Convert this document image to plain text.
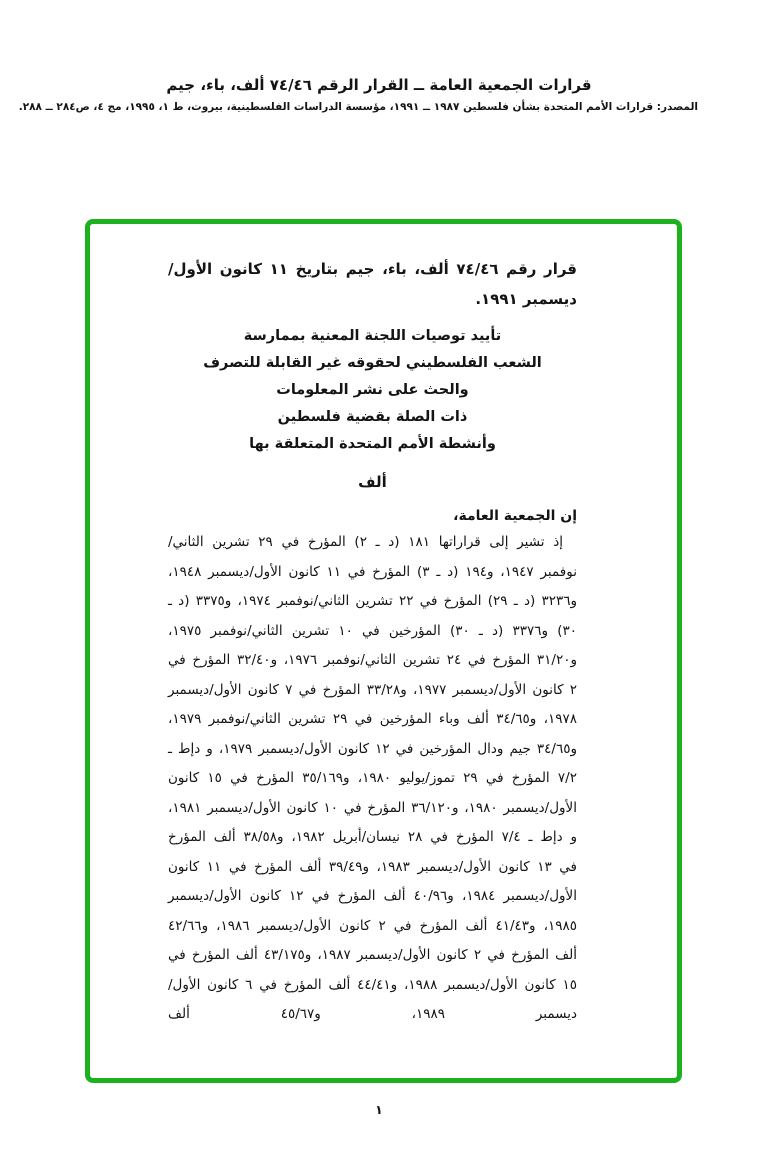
قرارات الجمعية العامة ــ القرار الرقم ٧٤/٤٦ ألف، باء، جيم
المصدر: قرارات الأمم المتحدة بشأن فلسطين ١٩٨٧ ــ ١٩٩١، مؤسسة الدراسات الفلسطينية، بيروت، ط ١، ١٩٩٥، مج ٤، ص٢٨٤ ــ ٢٨٨.
قرار رقم ٧٤/٤٦ ألف، باء، جيم بتاريخ ١١ كانون الأول/
ديسمبر ١٩٩١.
تأييد توصيات اللجنة المعنية بممارسة
الشعب الفلسطيني لحقوقه غير القابلة للتصرف
والحث على نشر المعلومات
ذات الصلة بقضية فلسطين
وأنشطة الأمم المتحدة المتعلقة بها
ألف
إن الجمعية العامة،
إذ تشير إلى قراراتها ١٨١ (د ـ ٢) المؤرخ في ٢٩ تشرين الثاني/نوفمبر ١٩٤٧، و١٩٤ (د ـ ٣) المؤرخ في ١١ كانون الأول/ديسمبر ١٩٤٨، و٣٢٣٦ (د ـ ٢٩) المؤرخ في ٢٢ تشرين الثاني/نوفمبر ١٩٧٤، و٣٣٧٥ (د ـ ٣٠) و٣٣٧٦ (د ـ ٣٠) المؤرخين في ١٠ تشرين الثاني/نوفمبر ١٩٧٥، و٣١/٢٠ المؤرخ في ٢٤ تشرين الثاني/نوفمبر ١٩٧٦، و٣٢/٤٠ المؤرخ في ٢ كانون الأول/ديسمبر ١٩٧٧، و٣٣/٢٨ المؤرخ في ٧ كانون الأول/ديسمبر ١٩٧٨، و٣٤/٦٥ ألف وباء المؤرخين في ٢٩ تشرين الثاني/نوفمبر ١٩٧٩، و٣٤/٦٥ جيم ودال المؤرخين في ١٢ كانون الأول/ديسمبر ١٩٧٩، و دإط ـ ٧/٢ المؤرخ في ٢٩ تموز/يوليو ١٩٨٠، و٣٥/١٦٩ المؤرخ في ١٥ كانون الأول/ديسمبر ١٩٨٠، و٣٦/١٢٠ المؤرخ في ١٠ كانون الأول/ديسمبر ١٩٨١، و دإط ـ ٧/٤ المؤرخ في ٢٨ نيسان/أبريل ١٩٨٢، و٣٨/٥٨ ألف المؤرخ في ١٣ كانون الأول/ديسمبر ١٩٨٣، و٣٩/٤٩ ألف المؤرخ في ١١ كانون الأول/ديسمبر ١٩٨٤، و٤٠/٩٦ ألف المؤرخ في ١٢ كانون الأول/ديسمبر ١٩٨٥، و٤١/٤٣ ألف المؤرخ في ٢ كانون الأول/ديسمبر ١٩٨٦، و٤٢/٦٦ ألف المؤرخ في ٢ كانون الأول/ديسمبر ١٩٨٧، و٤٣/١٧٥ ألف المؤرخ في ١٥ كانون الأول/ديسمبر ١٩٨٨، و٤٤/٤١ ألف المؤرخ في ٦ كانون الأول/ديسمبر ١٩٨٩، و٤٥/٦٧ ألف
١
